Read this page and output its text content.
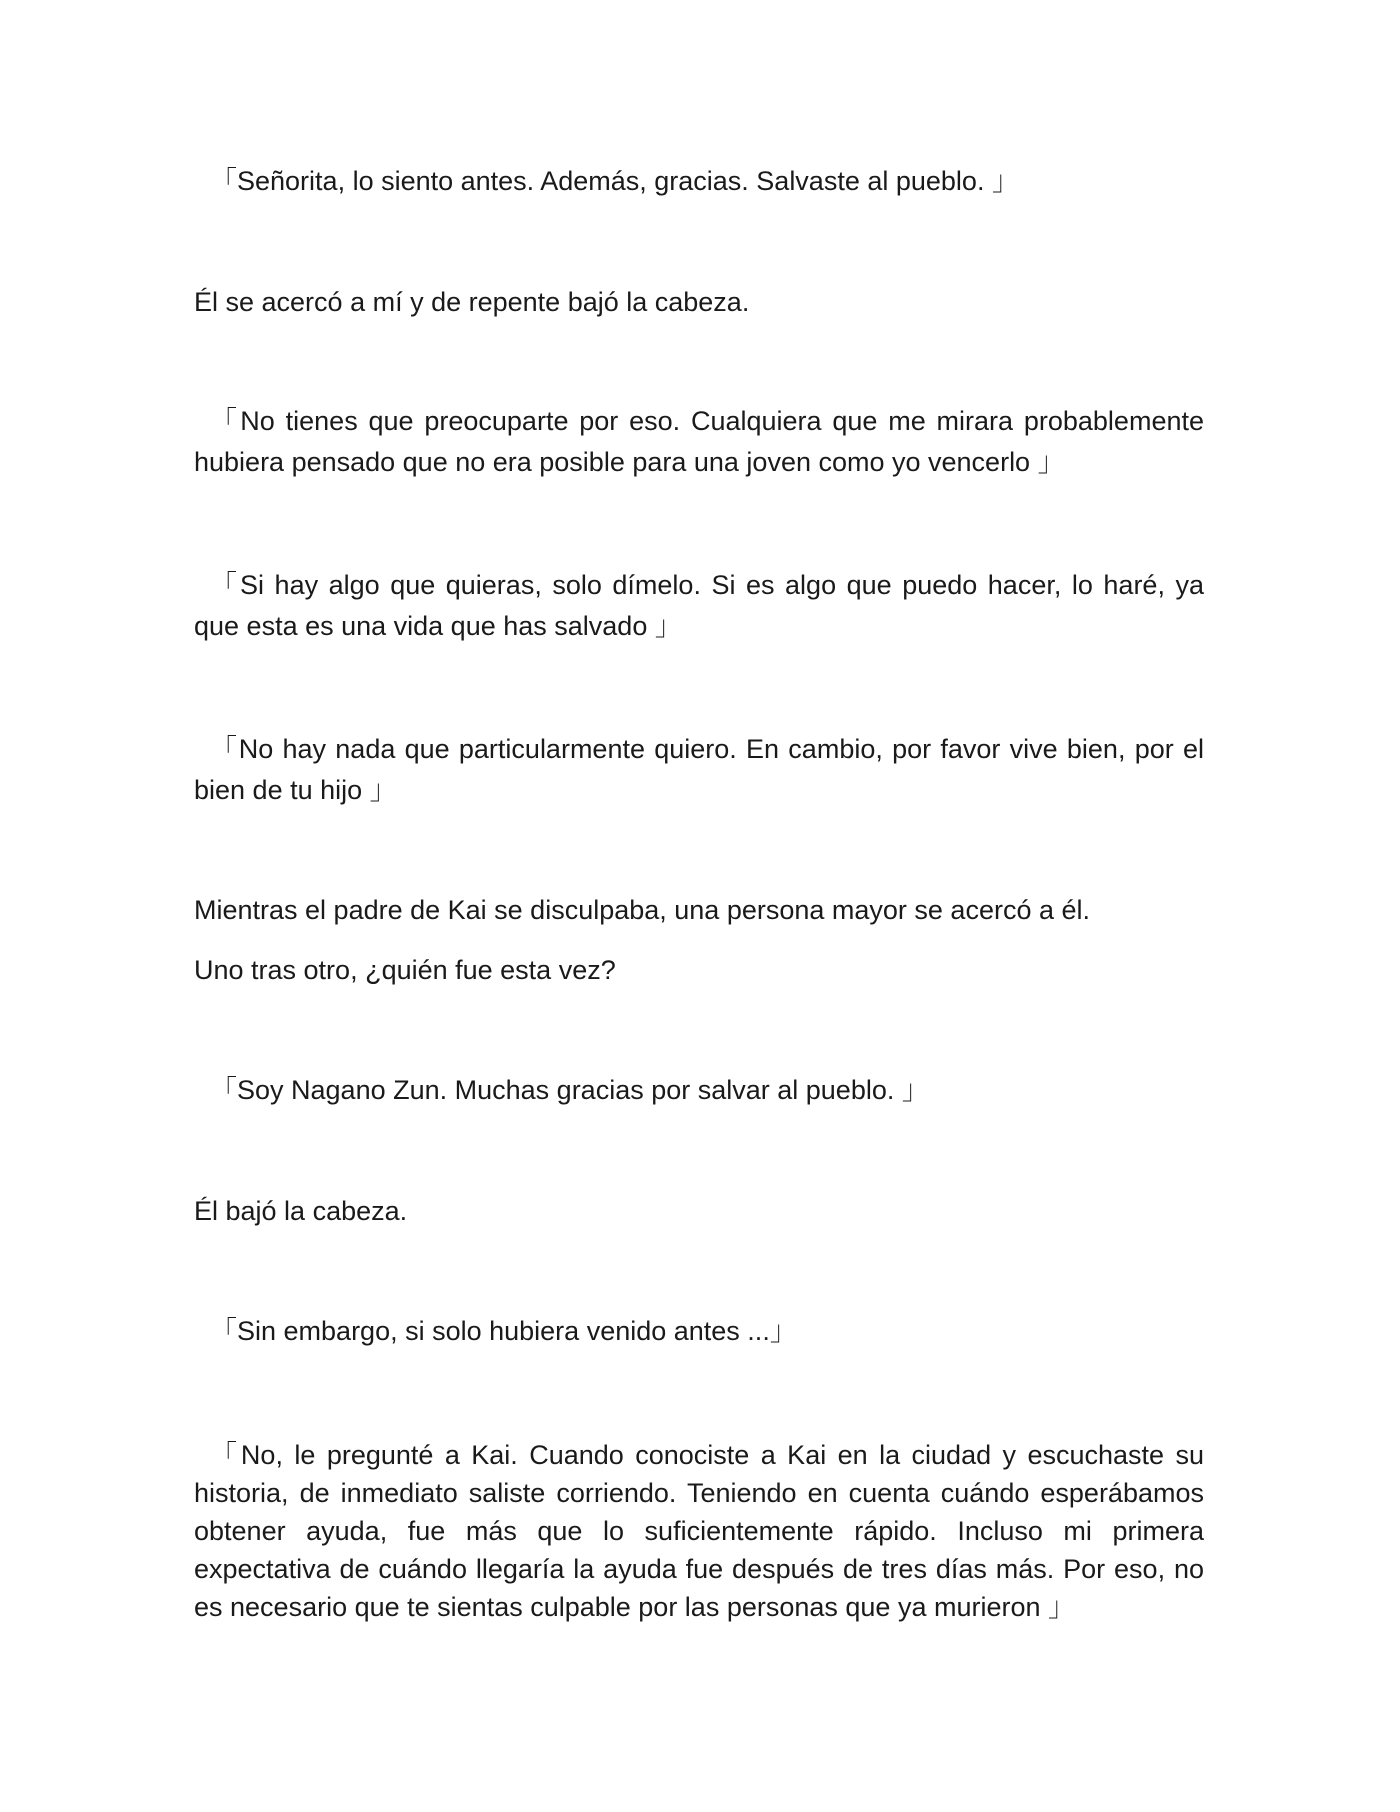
「Señorita, lo siento antes. Además, gracias. Salvaste al pueblo. 」

Él se acercó a mí y de repente bajó la cabeza.

「No tienes que preocuparte por eso. Cualquiera que me mirara probablemente hubiera pensado que no era posible para una joven como yo vencerlo 」

「Si hay algo que quieras, solo dímelo. Si es algo que puedo hacer, lo haré, ya que esta es una vida que has salvado 」

「No hay nada que particularmente quiero. En cambio, por favor vive bien, por el bien de tu hijo 」

Mientras el padre de Kai se disculpaba, una persona mayor se acercó a él.

Uno tras otro, ¿quién fue esta vez?

「Soy Nagano Zun. Muchas gracias por salvar al pueblo. 」

Él bajó la cabeza.

「Sin embargo, si solo hubiera venido antes ...」

「No, le pregunté a Kai. Cuando conociste a Kai en la ciudad y escuchaste su historia, de inmediato saliste corriendo. Teniendo en cuenta cuándo esperábamos obtener ayuda, fue más que lo suficientemente rápido. Incluso mi primera expectativa de cuándo llegaría la ayuda fue después de tres días más. Por eso, no es necesario que te sientas culpable por las personas que ya murieron 」
